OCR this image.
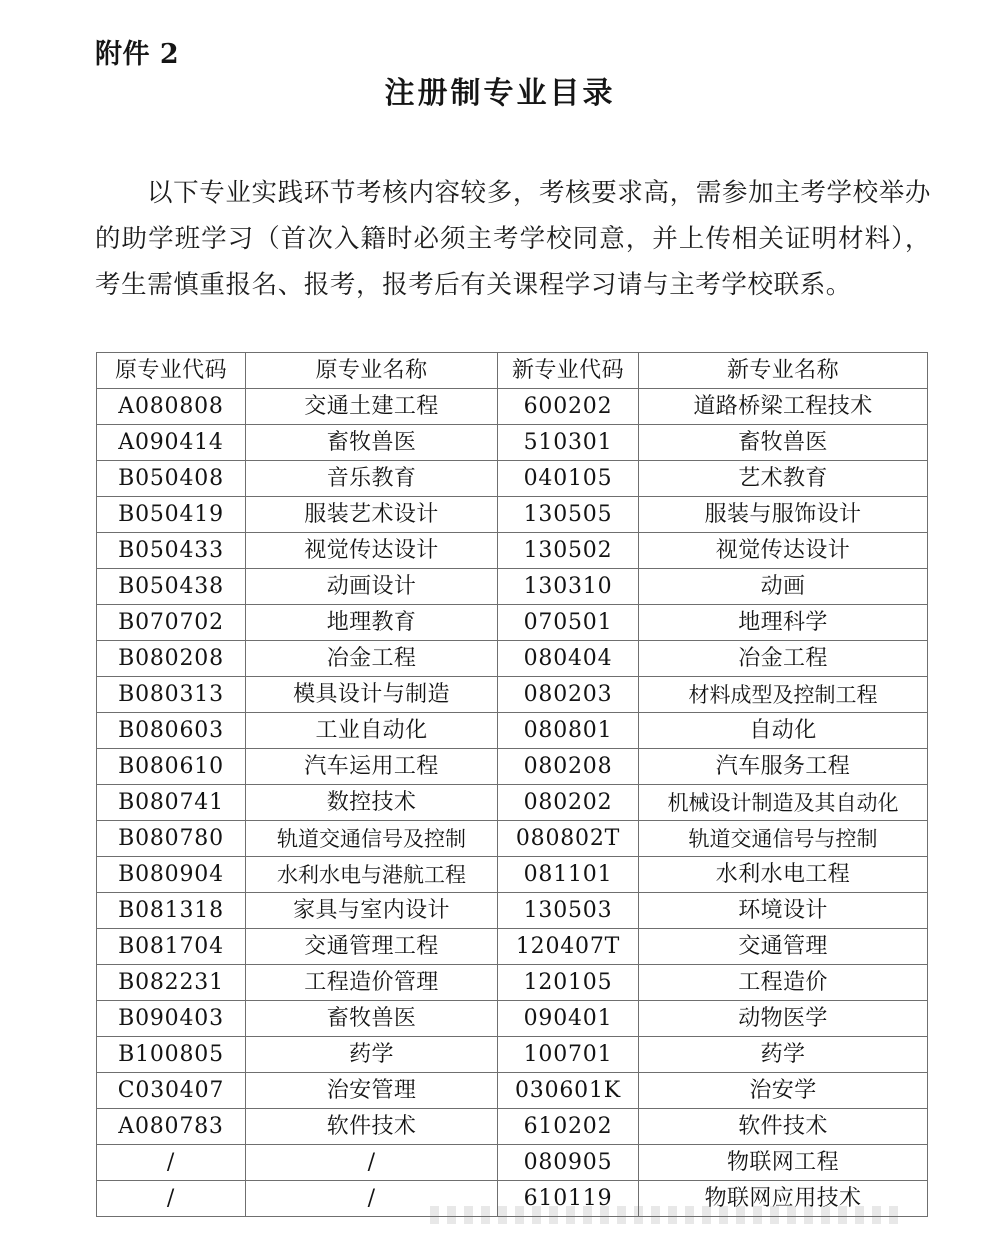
附件 2
注册制专业目录
以下专业实践环节考核内容较多，考核要求高，需参加主考学校举办的助学班学习（首次入籍时必须主考学校同意，并上传相关证明材料），考生需慎重报名、报考，报考后有关课程学习请与主考学校联系。
原专业代码	原专业名称	新专业代码	新专业名称
A080808	交通土建工程	600202	道路桥梁工程技术
A090414	畜牧兽医	510301	畜牧兽医
B050408	音乐教育	040105	艺术教育
B050419	服装艺术设计	130505	服装与服饰设计
B050433	视觉传达设计	130502	视觉传达设计
B050438	动画设计	130310	动画
B070702	地理教育	070501	地理科学
B080208	冶金工程	080404	冶金工程
B080313	模具设计与制造	080203	材料成型及控制工程
B080603	工业自动化	080801	自动化
B080610	汽车运用工程	080208	汽车服务工程
B080741	数控技术	080202	机械设计制造及其自动化
B080780	轨道交通信号及控制	080802T	轨道交通信号与控制
B080904	水利水电与港航工程	081101	水利水电工程
B081318	家具与室内设计	130503	环境设计
B081704	交通管理工程	120407T	交通管理
B082231	工程造价管理	120105	工程造价
B090403	畜牧兽医	090401	动物医学
B100805	药学	100701	药学
C030407	治安管理	030601K	治安学
A080783	软件技术	610202	软件技术
/	/	080905	物联网工程
/	/	610119	物联网应用技术
